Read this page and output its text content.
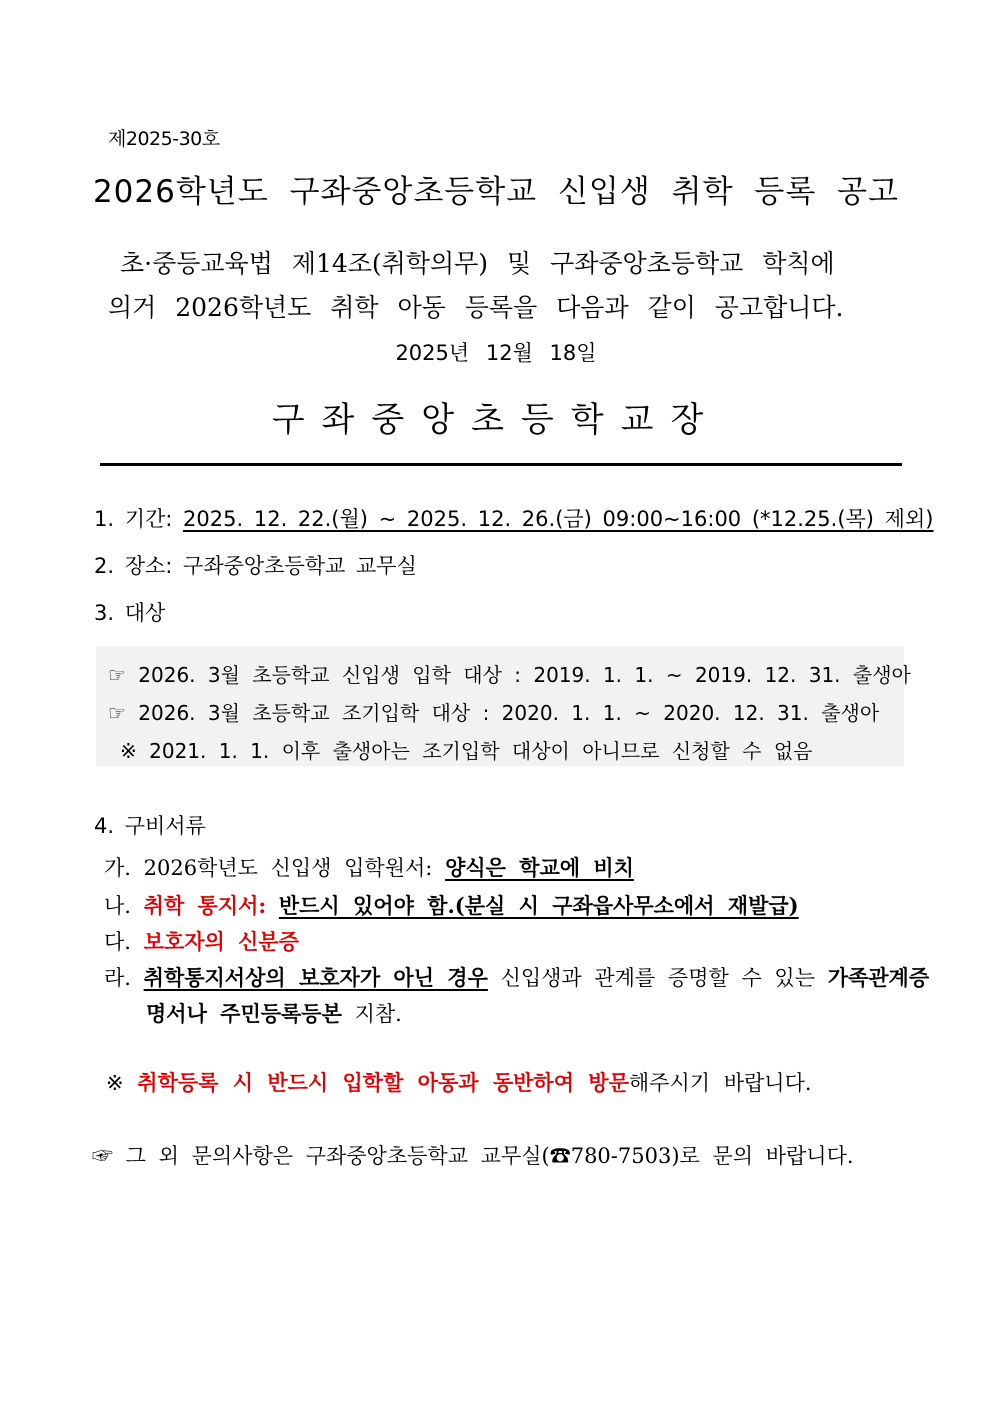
제2025-30호
2026학년도 구좌중앙초등학교 신입생 취학 등록 공고
초·중등교육법 제14조(취학의무) 및 구좌중앙초등학교 학칙에
의거 2026학년도 취학 아동 등록을 다음과 같이 공고합니다.
2025년 12월 18일
구좌중앙초등학교장
1. 기간: 2025. 12. 22.(월) ~ 2025. 12. 26.(금) 09:00~16:00 (*12.25.(목) 제외)
2. 장소: 구좌중앙초등학교 교무실
3. 대상
☞ 2026. 3월 초등학교 신입생 입학 대상 : 2019. 1. 1. ~ 2019. 12. 31. 출생아
☞ 2026. 3월 초등학교 조기입학 대상 : 2020. 1. 1. ~ 2020. 12. 31. 출생아
※ 2021. 1. 1. 이후 출생아는 조기입학 대상이 아니므로 신청할 수 없음
4. 구비서류
가. 2026학년도 신입생 입학원서: 양식은 학교에 비치
나. 취학 통지서: 반드시 있어야 함.(분실 시 구좌읍사무소에서 재발급)
다. 보호자의 신분증
라. 취학통지서상의 보호자가 아닌 경우 신입생과 관계를 증명할 수 있는 가족관계증
명서나 주민등록등본 지참.
※ 취학등록 시 반드시 입학할 아동과 동반하여 방문해주시기 바랍니다.
☞ 그 외 문의사항은 구좌중앙초등학교 교무실(☎780-7503)로 문의 바랍니다.
